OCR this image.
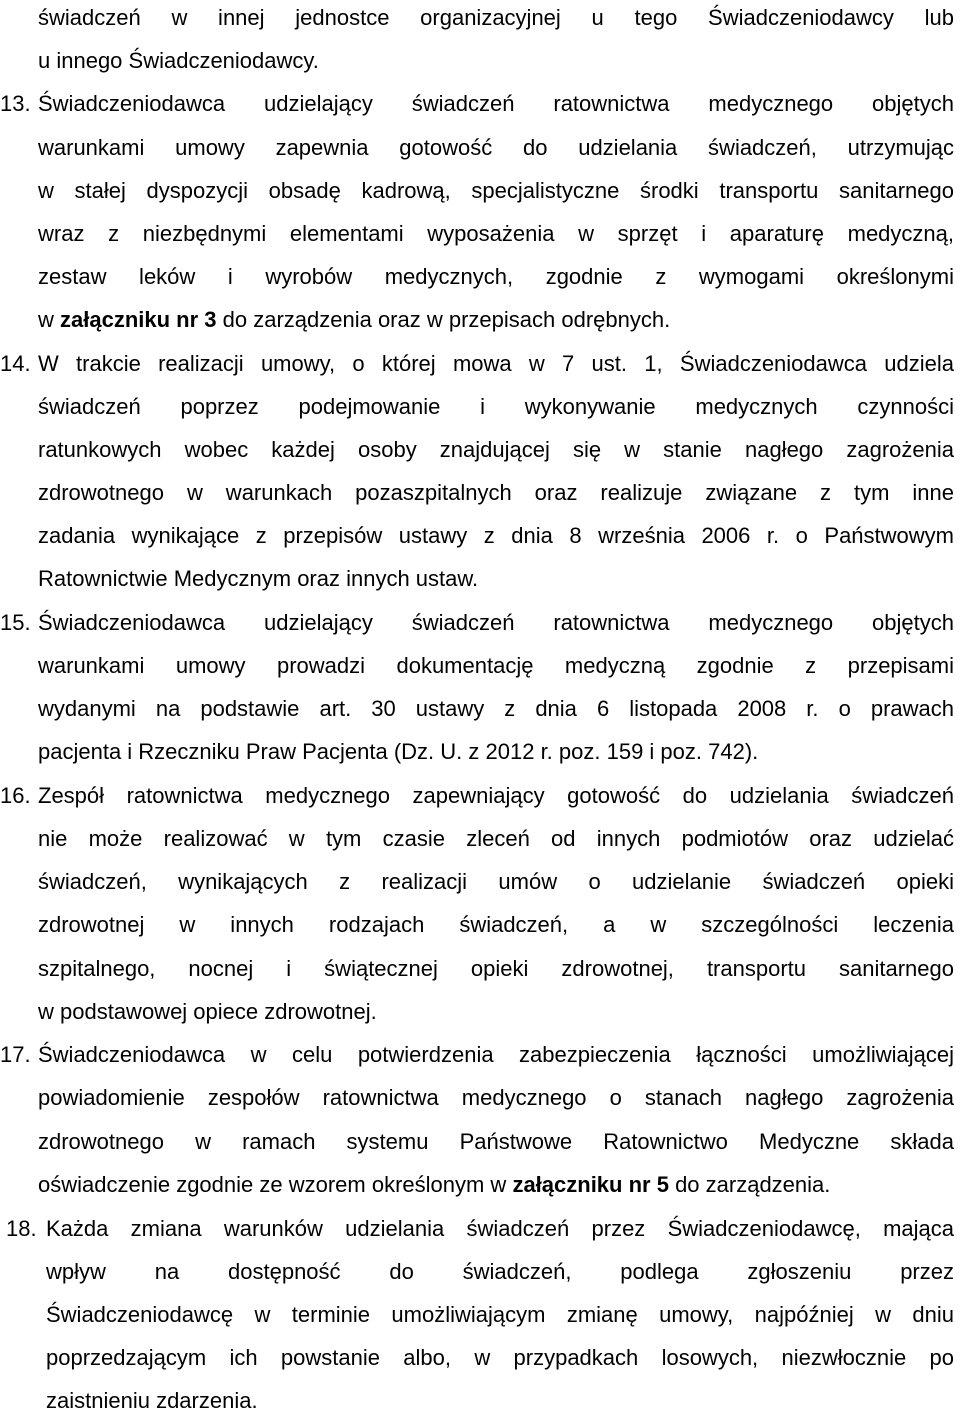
świadczeń w innej jednostce organizacyjnej u tego Świadczeniodawcy lub
u innego Świadczeniodawcy.
13. Świadczeniodawca udzielający świadczeń ratownictwa medycznego objętych
warunkami umowy zapewnia gotowość do udzielania świadczeń, utrzymując
w stałej dyspozycji obsadę kadrową, specjalistyczne środki transportu sanitarnego
wraz z niezbędnymi elementami wyposażenia w sprzęt i aparaturę medyczną,
zestaw leków i wyrobów medycznych, zgodnie z wymogami określonymi
w załączniku nr 3 do zarządzenia oraz w przepisach odrębnych.
14. W trakcie realizacji umowy, o której mowa w 7 ust. 1, Świadczeniodawca udziela
świadczeń poprzez podejmowanie i wykonywanie medycznych czynności
ratunkowych wobec każdej osoby znajdującej się w stanie nagłego zagrożenia
zdrowotnego w warunkach pozaszpitalnych oraz realizuje związane z tym inne
zadania wynikające z przepisów ustawy z dnia 8 września 2006 r. o Państwowym
Ratownictwie Medycznym oraz innych ustaw.
15. Świadczeniodawca udzielający świadczeń ratownictwa medycznego objętych
warunkami umowy prowadzi dokumentację medyczną zgodnie z przepisami
wydanymi na podstawie art. 30 ustawy z dnia 6 listopada 2008 r. o prawach
pacjenta i Rzeczniku Praw Pacjenta (Dz. U. z 2012 r. poz. 159 i poz. 742).
16. Zespół ratownictwa medycznego zapewniający gotowość do udzielania świadczeń
nie może realizować w tym czasie zleceń od innych podmiotów oraz udzielać
świadczeń, wynikających z realizacji umów o udzielanie świadczeń opieki
zdrowotnej w innych rodzajach świadczeń, a w szczególności leczenia
szpitalnego, nocnej i świątecznej opieki zdrowotnej, transportu sanitarnego
w podstawowej opiece zdrowotnej.
17. Świadczeniodawca w celu potwierdzenia zabezpieczenia łączności umożliwiającej
powiadomienie zespołów ratownictwa medycznego o stanach nagłego zagrożenia
zdrowotnego w ramach systemu Państwowe Ratownictwo Medyczne składa
oświadczenie zgodnie ze wzorem określonym w załączniku nr 5 do zarządzenia.
18. Każda zmiana warunków udzielania świadczeń przez Świadczeniodawcę, mająca
wpływ na dostępność do świadczeń, podlega zgłoszeniu przez
Świadczeniodawcę w terminie umożliwiającym zmianę umowy, najpóźniej w dniu
poprzedzającym ich powstanie albo, w przypadkach losowych, niezwłocznie po
zaistnieniu zdarzenia.
